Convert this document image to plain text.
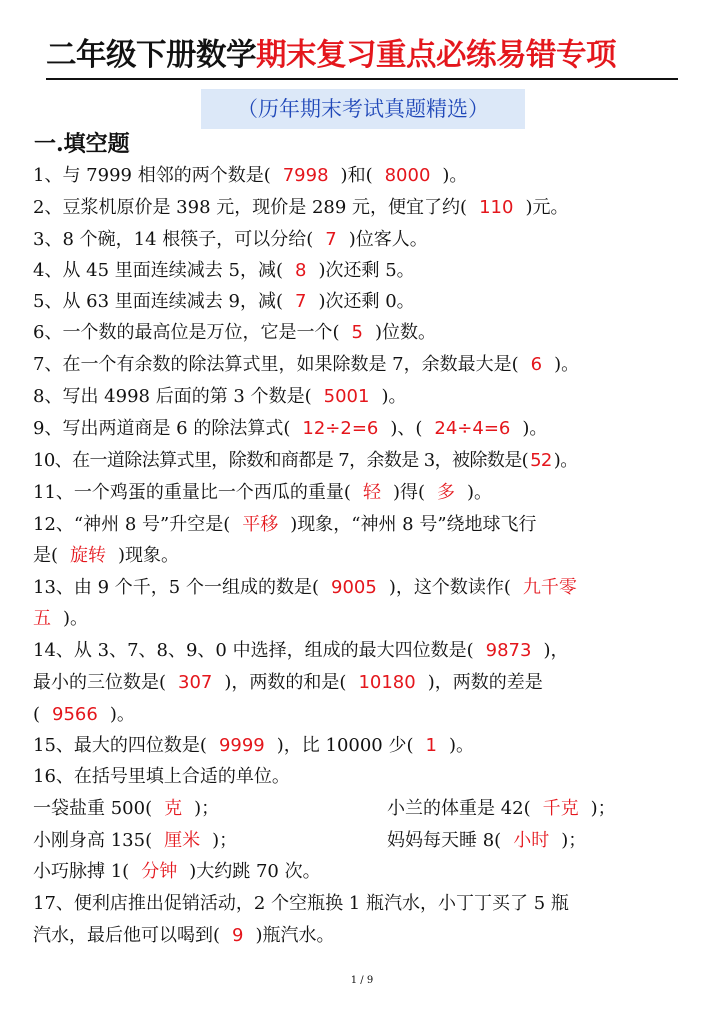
二年级下册数学期末复习重点必练易错专项
（历年期末考试真题精选）
一.填空题
1、与 7999 相邻的两个数是( 7998 )和( 8000 )。
2、豆浆机原价是 398 元，现价是 289 元，便宜了约( 110 )元。
3、8 个碗，14 根筷子，可以分给( 7 )位客人。
4、从 45 里面连续减去 5，减( 8 )次还剩 5。
5、从 63 里面连续减去 9，减( 7 )次还剩 0。
6、一个数的最高位是万位，它是一个( 5 )位数。
7、在一个有余数的除法算式里，如果除数是 7，余数最大是( 6 )。
8、写出 4998 后面的第 3 个数是( 5001 )。
9、写出两道商是 6 的除法算式( 12÷2=6 )、( 24÷4=6 )。
10、在一道除法算式里，除数和商都是 7，余数是 3，被除数是( 52 )。
11、一个鸡蛋的重量比一个西瓜的重量( 轻 )得( 多 )。
12、“神州 8 号”升空是( 平移 )现象，“神州 8 号”绕地球飞行
是( 旋转 )现象。
13、由 9 个千，5 个一组成的数是( 9005 )，这个数读作( 九千零
五 )。
14、从 3、7、8、9、0 中选择，组成的最大四位数是( 9873 )，
最小的三位数是( 307 )，两数的和是( 10180 )，两数的差是
( 9566 )。
15、最大的四位数是( 9999 )，比 10000 少( 1 )。
16、在括号里填上合适的单位。
一袋盐重 500( 克 )；	小兰的体重是 42( 千克 )；
小刚身高 135( 厘米 )；	妈妈每天睡 8( 小时 )；
小巧脉搏 1( 分钟 )大约跳 70 次。
17、便利店推出促销活动，2 个空瓶换 1 瓶汽水，小丁丁买了 5 瓶
汽水，最后他可以喝到( 9 )瓶汽水。
1 / 9
